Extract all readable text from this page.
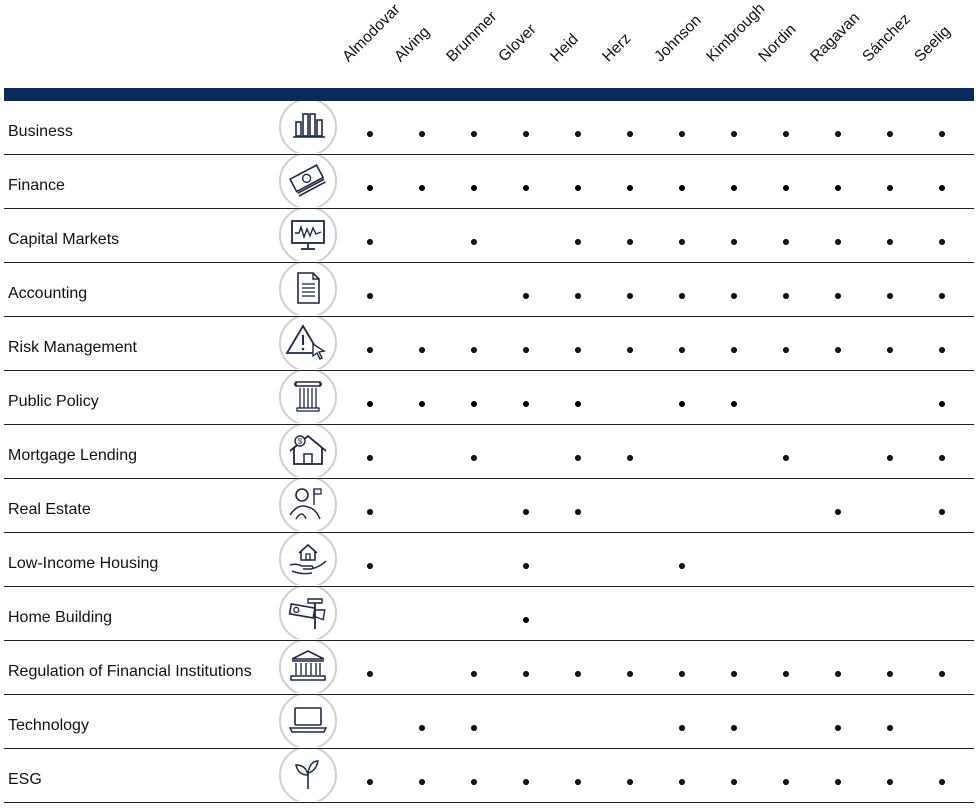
Almodovar
Alving Brummer
Glover Heid Herz Johnson
Kimbrough
Nordin Ragavan
Sánchez
Seelig
Business
Finance
Capital Markets
Accounting
Risk Management
Public Policy
Mortgage Lending
$
Real Estate
Low-Income Housing
Home Building
Regulation of Financial Institutions
Technology
ESG
